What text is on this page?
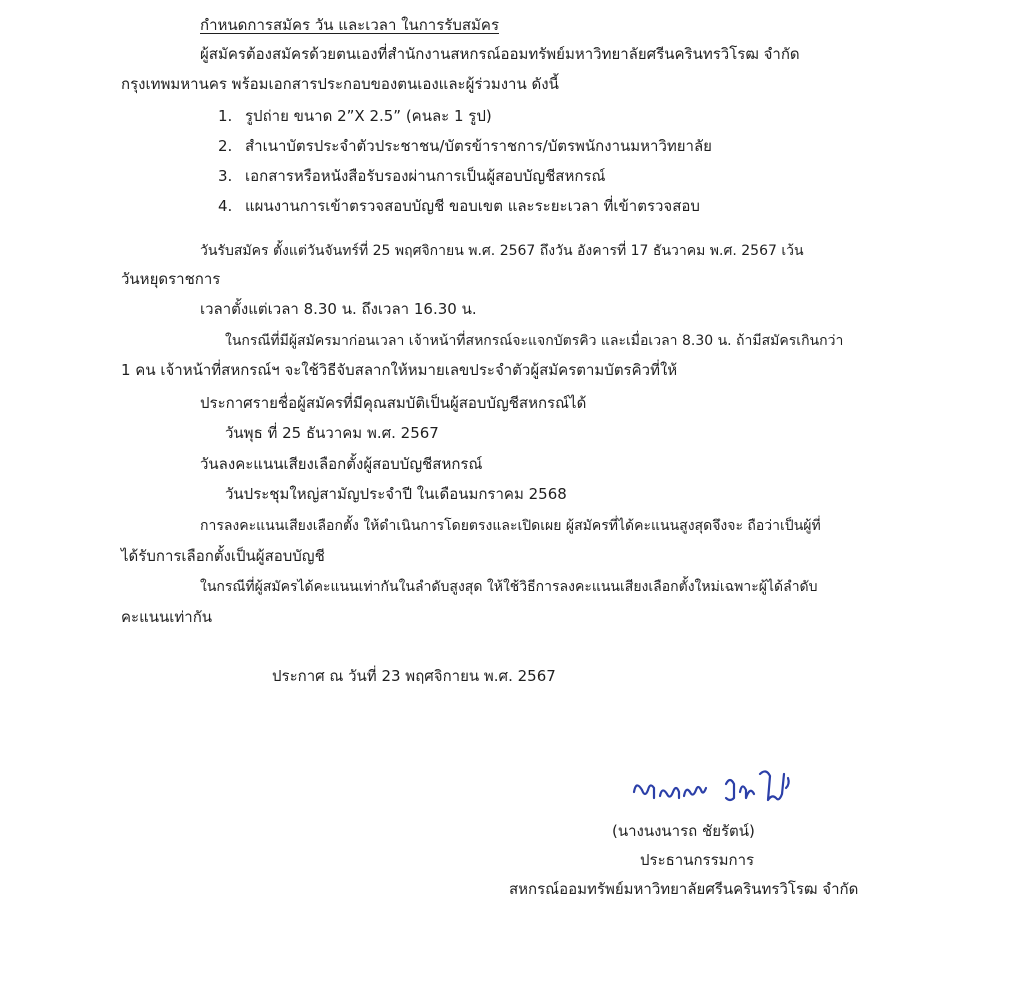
กำหนดการสมัคร วัน และเวลา ในการรับสมัคร
ผู้สมัครต้องสมัครด้วยตนเองที่สำนักงานสหกรณ์ออมทรัพย์มหาวิทยาลัยศรีนครินทรวิโรฒ จำกัด
กรุงเทพมหานคร พร้อมเอกสารประกอบของตนเองและผู้ร่วมงาน ดังนี้
1. รูปถ่าย ขนาด 2”X 2.5” (คนละ 1 รูป)
2. สำเนาบัตรประจำตัวประชาชน/บัตรข้าราชการ/บัตรพนักงานมหาวิทยาลัย
3. เอกสารหรือหนังสือรับรองผ่านการเป็นผู้สอบบัญชีสหกรณ์
4. แผนงานการเข้าตรวจสอบบัญชี ขอบเขต และระยะเวลา ที่เข้าตรวจสอบ
วันรับสมัคร ตั้งแต่วันจันทร์ที่ 25 พฤศจิกายน พ.ศ. 2567 ถึงวัน อังคารที่ 17 ธันวาคม พ.ศ. 2567 เว้น
วันหยุดราชการ
เวลาตั้งแต่เวลา 8.30 น. ถึงเวลา 16.30 น.
ในกรณีที่มีผู้สมัครมาก่อนเวลา เจ้าหน้าที่สหกรณ์จะแจกบัตรคิว และเมื่อเวลา 8.30 น. ถ้ามีสมัครเกินกว่า
1 คน เจ้าหน้าที่สหกรณ์ฯ จะใช้วิธีจับสลากให้หมายเลขประจำตัวผู้สมัครตามบัตรคิวที่ให้
ประกาศรายชื่อผู้สมัครที่มีคุณสมบัติเป็นผู้สอบบัญชีสหกรณ์ได้
วันพุธ ที่ 25 ธันวาคม พ.ศ. 2567
วันลงคะแนนเสียงเลือกตั้งผู้สอบบัญชีสหกรณ์
วันประชุมใหญ่สามัญประจำปี ในเดือนมกราคม 2568
การลงคะแนนเสียงเลือกตั้ง ให้ดำเนินการโดยตรงและเปิดเผย ผู้สมัครที่ได้คะแนนสูงสุดจึงจะ ถือว่าเป็นผู้ที่
ได้รับการเลือกตั้งเป็นผู้สอบบัญชี
ในกรณีที่ผู้สมัครได้คะแนนเท่ากันในลำดับสูงสุด ให้ใช้วิธีการลงคะแนนเสียงเลือกตั้งใหม่เฉพาะผู้ได้ลำดับ
คะแนนเท่ากัน
ประกาศ ณ วันที่ 23 พฤศจิกายน พ.ศ. 2567
(นางนงนารถ ชัยรัตน์)
ประธานกรรมการ
สหกรณ์ออมทรัพย์มหาวิทยาลัยศรีนครินทรวิโรฒ จำกัด
